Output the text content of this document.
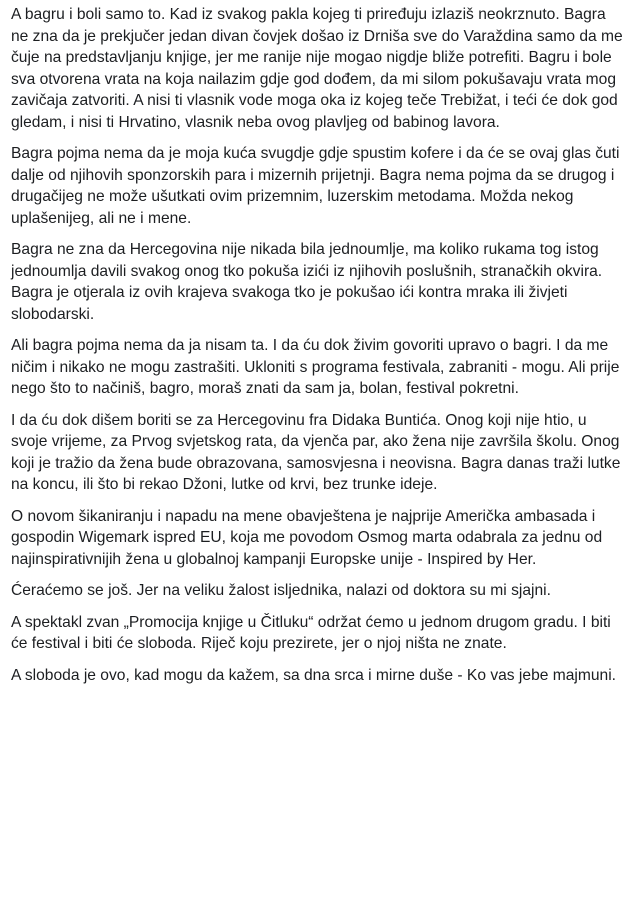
A bagru i boli samo to. Kad iz svakog pakla kojeg ti priređuju izlaziš neokrznuto. Bagra ne zna da je prekjučer jedan divan čovjek došao iz Drniša sve do Varaždina samo da me čuje na predstavljanju knjige, jer me ranije nije mogao nigdje bliže potrefiti. Bagru i bole sva otvorena vrata na koja nailazim gdje god dođem, da mi silom pokušavaju vrata mog zavičaja zatvoriti. A nisi ti vlasnik vode moga oka iz kojeg teče Trebižat, i teći će dok god gledam, i nisi ti Hrvatino, vlasnik neba ovog plavljeg od babinog lavora.

Bagra pojma nema da je moja kuća svugdje gdje spustim kofere i da će se ovaj glas čuti dalje od njihovih sponzorskih para i mizernih prijetnji. Bagra nema pojma da se drugog i drugačijeg ne može ušutkati ovim prizemnim, luzerskim metodama. Možda nekog uplašenijeg, ali ne i mene.

Bagra ne zna da Hercegovina nije nikada bila jednoumlje, ma koliko rukama tog istog jednoumlja davili svakog onog tko pokuša izići iz njihovih poslušnih, stranačkih okvira. Bagra je otjerala iz ovih krajeva svakoga tko je pokušao ići kontra mraka ili živjeti slobodarski.

Ali bagra pojma nema da ja nisam ta. I da ću dok živim govoriti upravo o bagri. I da me ničim i nikako ne mogu zastrašiti. Ukloniti s programa festivala, zabraniti - mogu. Ali prije nego što to načiniš, bagro, moraš znati da sam ja, bolan, festival pokretni.

I da ću dok dišem boriti se za Hercegovinu fra Didaka Buntića. Onog koji nije htio, u svoje vrijeme, za Prvog svjetskog rata, da vjenča par, ako žena nije završila školu. Onog koji je tražio da žena bude obrazovana, samosvjesna i neovisna. Bagra danas traži lutke na koncu, ili što bi rekao Džoni, lutke od krvi, bez trunke ideje.

O novom šikaniranju i napadu na mene obavještena je najprije Američka ambasada i gospodin Wigemark ispred EU, koja me povodom Osmog marta odabrala za jednu od najinspirativnijih žena u globalnoj kampanji Europske unije - Inspired by Her.

Ćeraćemo se još. Jer na veliku žalost isljednika, nalazi od doktora su mi sjajni.

A spektakl zvan „Promocija knjige u Čitluku“ održat ćemo u jednom drugom gradu. I biti će festival i biti će sloboda. Riječ koju prezirete, jer o njoj ništa ne znate.

A sloboda je ovo, kad mogu da kažem, sa dna srca i mirne duše - Ko vas jebe majmuni.
